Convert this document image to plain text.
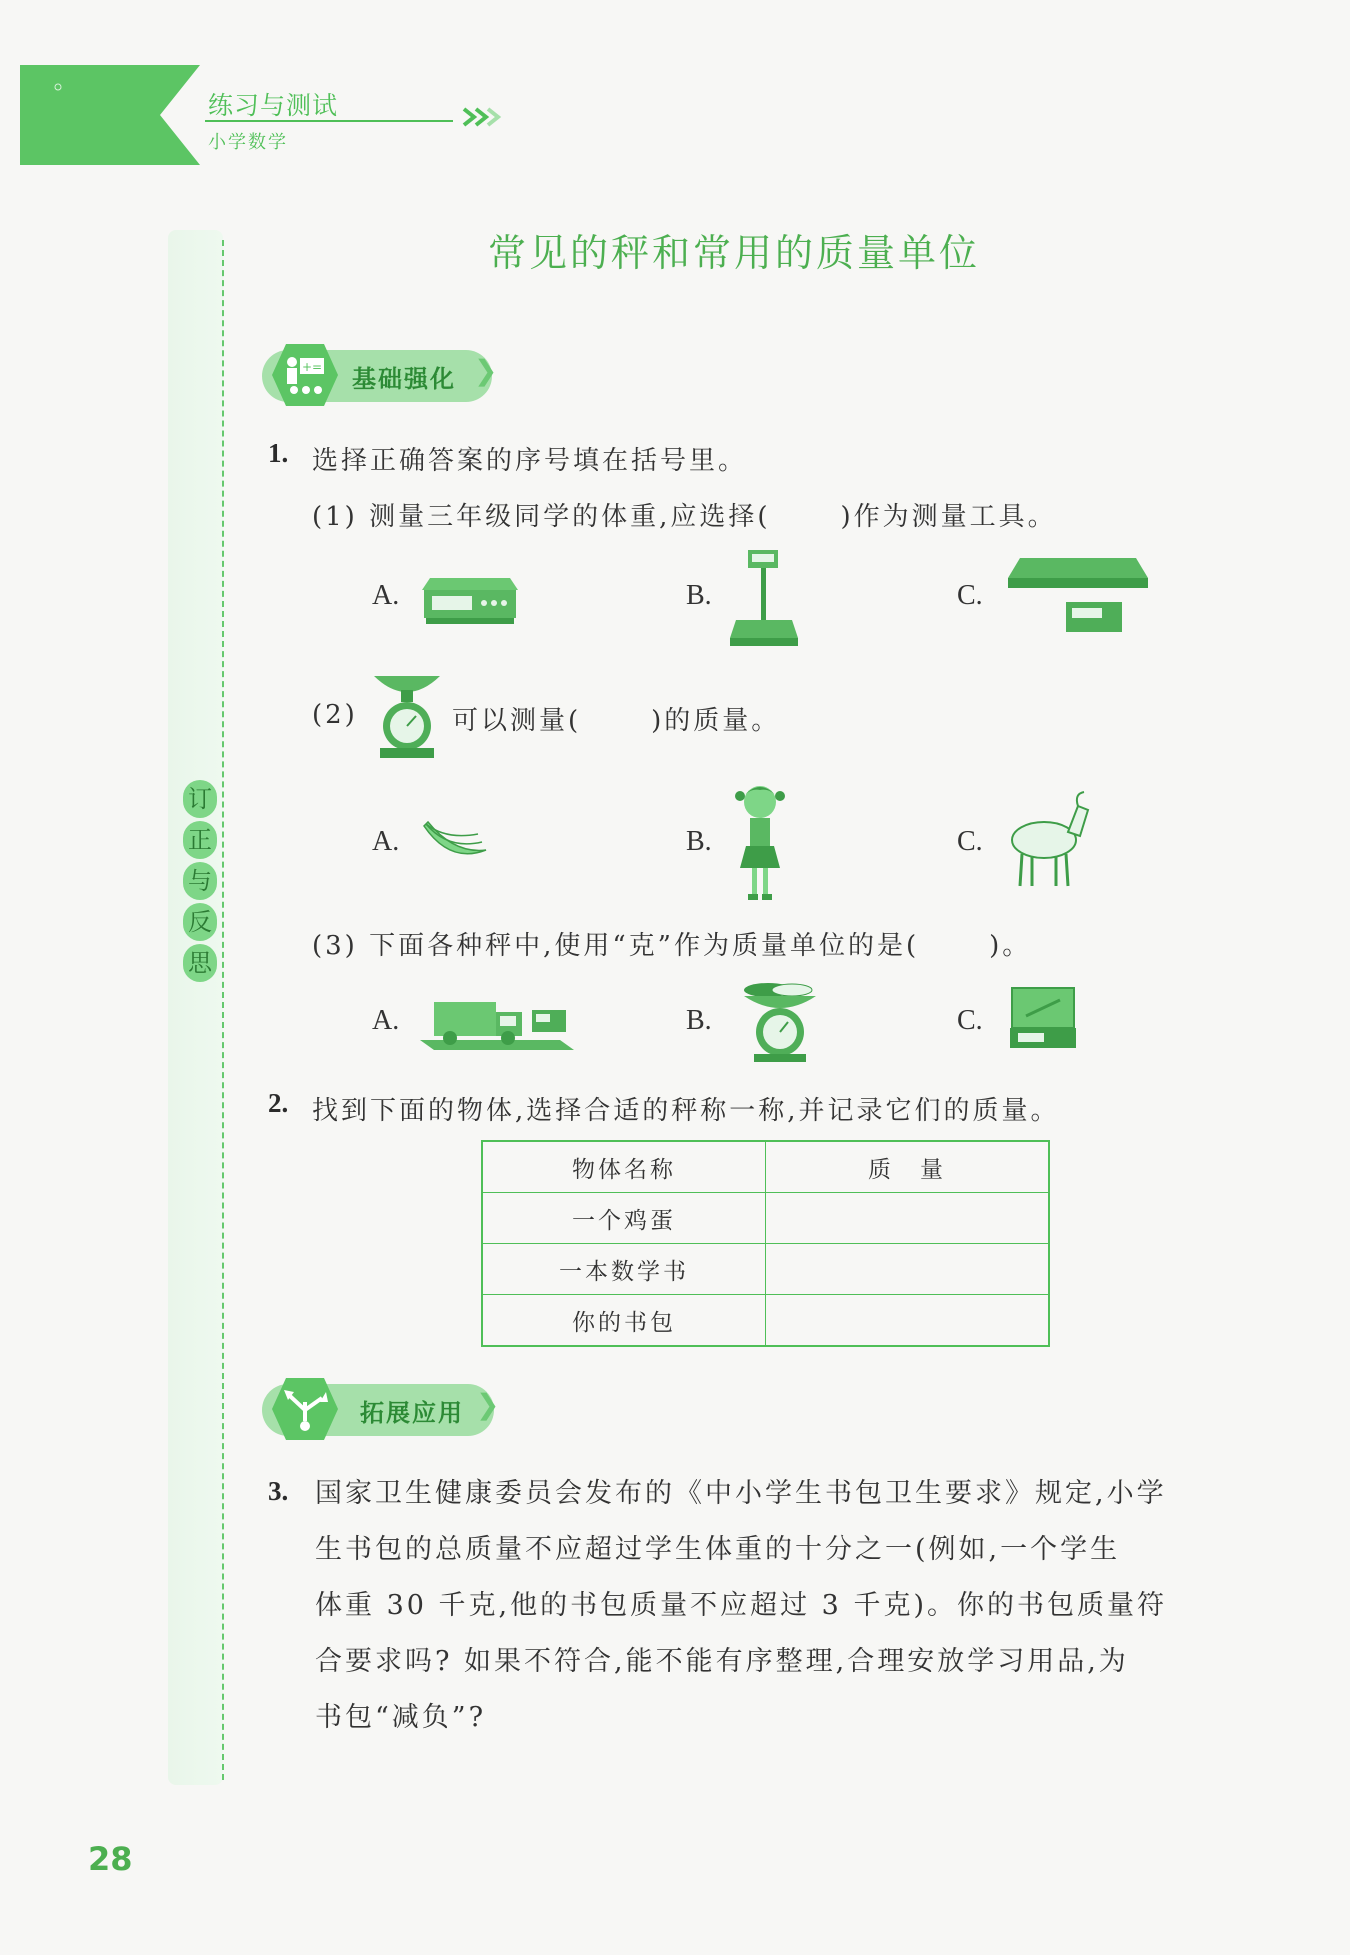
练习与测试
小学数学
订
正
与
反
思
常见的秤和常用的质量单位
+= 基础强化 ❯
1. 选择正确答案的序号填在括号里。
(1) 测量三年级同学的体重,应选择(	)作为测量工具。
A.	B.	C.
(2)	可以测量(	)的质量。
A.	B.	C.
(3) 下面各种秤中,使用“克”作为质量单位的是(	)。
A.	B.	C.
2. 找到下面的物体,选择合适的秤称一称,并记录它们的质量。
物体名称	质　量
一个鸡蛋	
一本数学书	
你的书包	
拓展应用 ❯
3. 国家卫生健康委员会发布的《中小学生书包卫生要求》规定,小学

生书包的总质量不应超过学生体重的十分之一(例如,一个学生

体重 30 千克,他的书包质量不应超过 3 千克)。你的书包质量符

合要求吗? 如果不符合,能不能有序整理,合理安放学习用品,为

书包“减负”?

28
